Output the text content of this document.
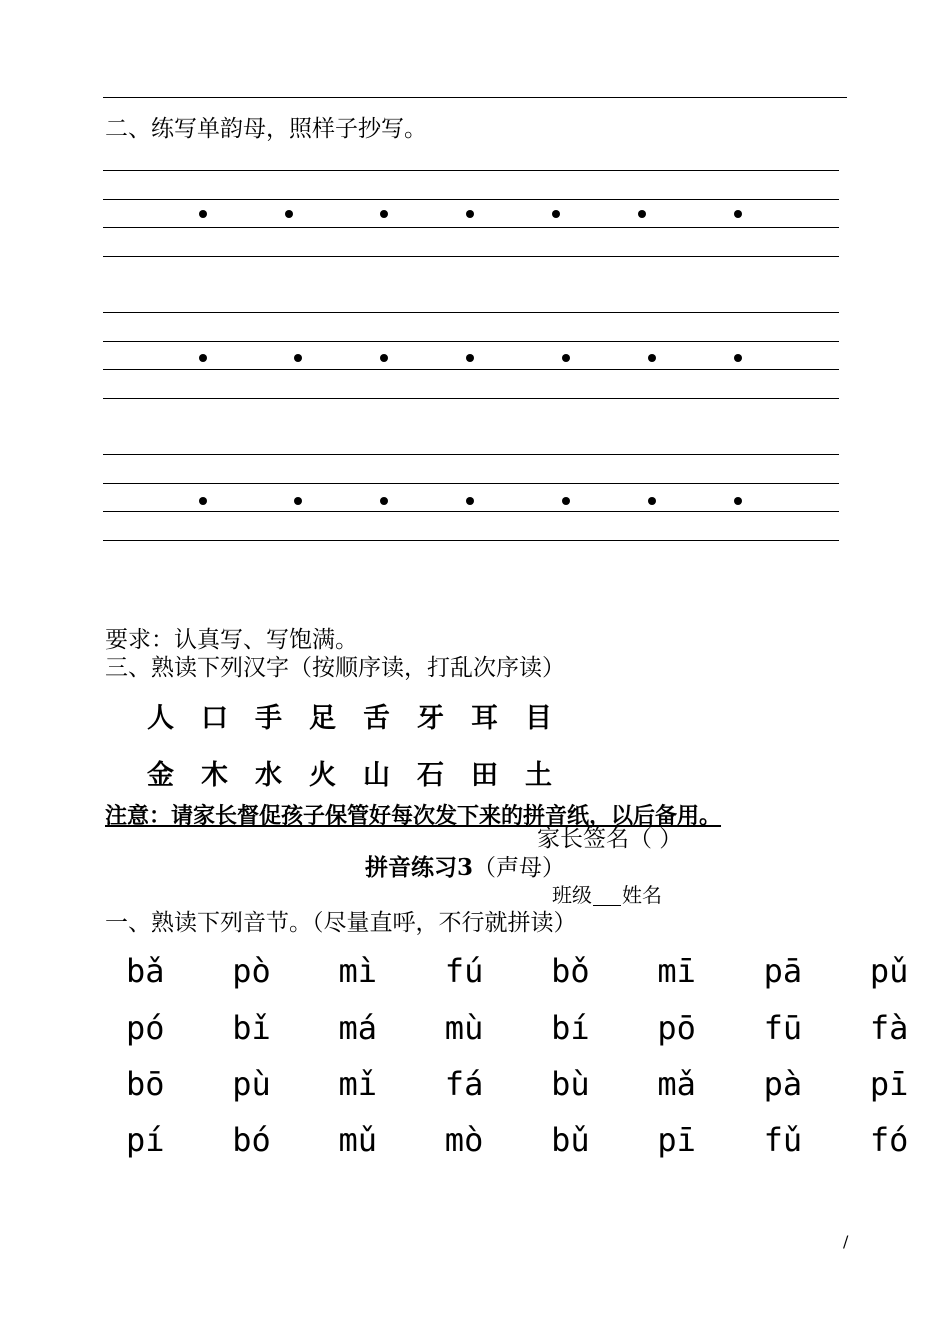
二、练写单韵母，照样子抄写。
要求：认真写、写饱满。
三、熟读下列汉字（按顺序读，打乱次序读）
人 口 手 足 舌 牙 耳 目
金 木 水 火 山 石 田 土
注意：请家长督促孩子保管好每次发下来的拼音纸，以后备用。
家长签名（ ）
拼音练习3（声母）
班级 姓名
一、熟读下列音节。（尽量直呼，不行就拼读）
bǎ pò mì fú bǒ mī pā pǔ
pó bǐ má mù bí pō fū fà
bō pù mǐ fá bù mǎ pà pī
pí bó mǔ mò bǔ pī fǔ fó
/
